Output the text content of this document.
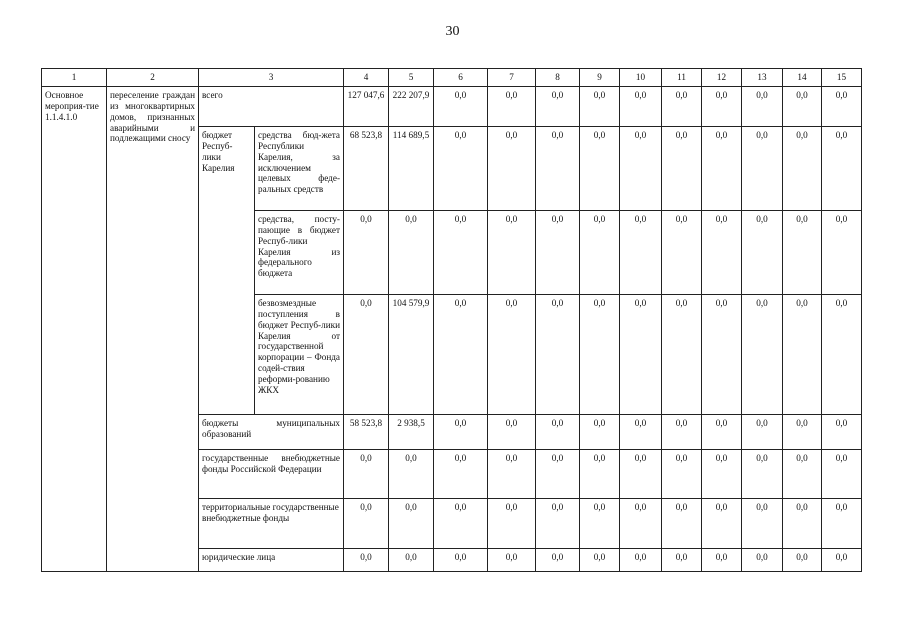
30
1	2	3		4	5	6	7	8	9	10	11	12	13	14	15
Основное мероприя-тие 1.1.4.1.0	переселение граждан из многоквартирных домов, признанных аварийными и подлежащими сносу	всего		127 047,6	222 207,9	0,0	0,0	0,0	0,0	0,0	0,0	0,0	0,0	0,0	0,0
		бюджет Респуб-лики Карелия	средства бюд-жета Республики Карелия, за исключением целевых феде-ральных средств	68 523,8	114 689,5	0,0	0,0	0,0	0,0	0,0	0,0	0,0	0,0	0,0	0,0
			средства, посту-пающие в бюджет Респуб-лики Карелия из федерального бюджета	0,0	0,0	0,0	0,0	0,0	0,0	0,0	0,0	0,0	0,0	0,0	0,0
			безвозмездные поступления в бюджет Респуб-лики Карелия от государственной корпорации – Фонда содей-ствия реформи-рованию ЖКХ	0,0	104 579,9	0,0	0,0	0,0	0,0	0,0	0,0	0,0	0,0	0,0	0,0
		бюджеты муниципальных образований		58 523,8	2 938,5	0,0	0,0	0,0	0,0	0,0	0,0	0,0	0,0	0,0	0,0
		государственные внебюджетные фонды Российской Федерации		0,0	0,0	0,0	0,0	0,0	0,0	0,0	0,0	0,0	0,0	0,0	0,0
		территориальные государственные внебюджетные фонды		0,0	0,0	0,0	0,0	0,0	0,0	0,0	0,0	0,0	0,0	0,0	0,0
		юридические лица		0,0	0,0	0,0	0,0	0,0	0,0	0,0	0,0	0,0	0,0	0,0	0,0
